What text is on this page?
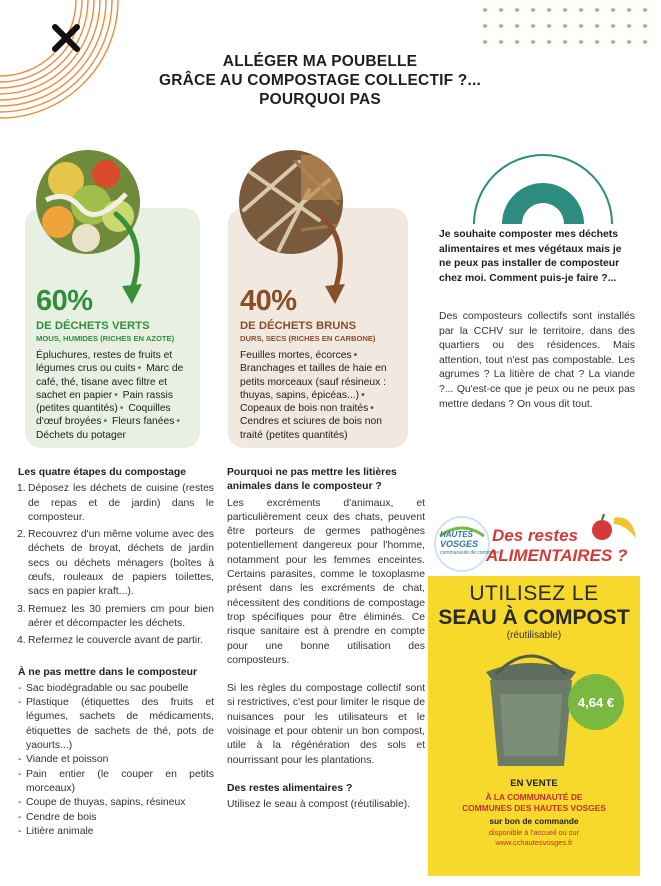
ALLÉGER MA POUBELLE
GRÂCE AU COMPOSTAGE COLLECTIF ?...
POURQUOI PAS
60%
DE DÉCHETS VERTS
MOUS, HUMIDES (RICHES EN AZOTE)
Épluchures, restes de fruits et légumes crus ou cuits • Marc de café, thé, tisane avec filtre et sachet en papier • Pain rassis (petites quantités) • Coquilles d'œuf broyées • Fleurs fanées • Déchets du potager
40%
DE DÉCHETS BRUNS
DURS, SECS (RICHES EN CARBONE)
Feuilles mortes, écorces • Branchages et tailles de haie en petits morceaux (sauf résineux : thuyas, sapins, épicéas...) • Copeaux de bois non traités • Cendres et sciures de bois non traité (petites quantités)
Je souhaite composter mes déchets alimentaires et mes végétaux mais je ne peux pas installer de composteur chez moi. Comment puis-je faire ?...
Des composteurs collectifs sont installés par la CCHV sur le territoire, dans des quartiers ou des résidences. Mais attention, tout n'est pas compostable. Les agrumes ? La litière de chat ? La viande ?... Qu'est-ce que je peux ou ne peux pas mettre dedans ? On vous dit tout.
Les quatre étapes du compostage
1. Déposez les déchets de cuisine (restes de repas et de jardin) dans le composteur.
2. Recouvrez d'un même volume avec des déchets de broyat, déchets de jardin secs ou déchets ménagers (boîtes à œufs, rouleaux de papiers toilettes, sacs en papier kraft...).
3. Remuez les 30 premiers cm pour bien aérer et décompacter les déchets.
4. Refermez le couvercle avant de partir.
À ne pas mettre dans le composteur
- Sac biodégradable ou sac poubelle
- Plastique (étiquettes des fruits et légumes, sachets de médicaments, étiquettes de sachets de thé, pots de yaourts...)
- Viande et poisson
- Pain entier (le couper en petits morceaux)
- Coupe de thuyas, sapins, résineux
- Cendre de bois
- Litière animale
Pourquoi ne pas mettre les litières animales dans le composteur ?
Les excréments d'animaux, et particulièrement ceux des chats, peuvent être porteurs de germes pathogènes potentiellement dangereux pour l'homme, notamment pour les femmes enceintes. Certains parasites, comme le toxoplasme présent dans les excréments de chat, nécessitent des conditions de compostage trop spécifiques pour être éliminés. Ce risque sanitaire est à prendre en compte pour une bonne utilisation des composteurs.
Si les règles du compostage collectif sont si restrictives, c'est pour limiter le risque de nuisances pour les utilisateurs et le voisinage et pour obtenir un bon compost, utile à la régénération des sols et nourrissant pour les plantations.
Des restes alimentaires ?
Utilisez le seau à compost (réutilisable).
HAUTES
VOSGES
communauté de communes
Des restes
ALIMENTAIRES ?
UTILISEZ LE
SEAU À COMPOST
(réutilisable)
4,64 €
EN VENTE
À LA COMMUNAUTÉ DE
COMMUNES DES HAUTES VOSGES
sur bon de commande
disponible à l'accueil ou sur
www.cchautesvosges.fr
